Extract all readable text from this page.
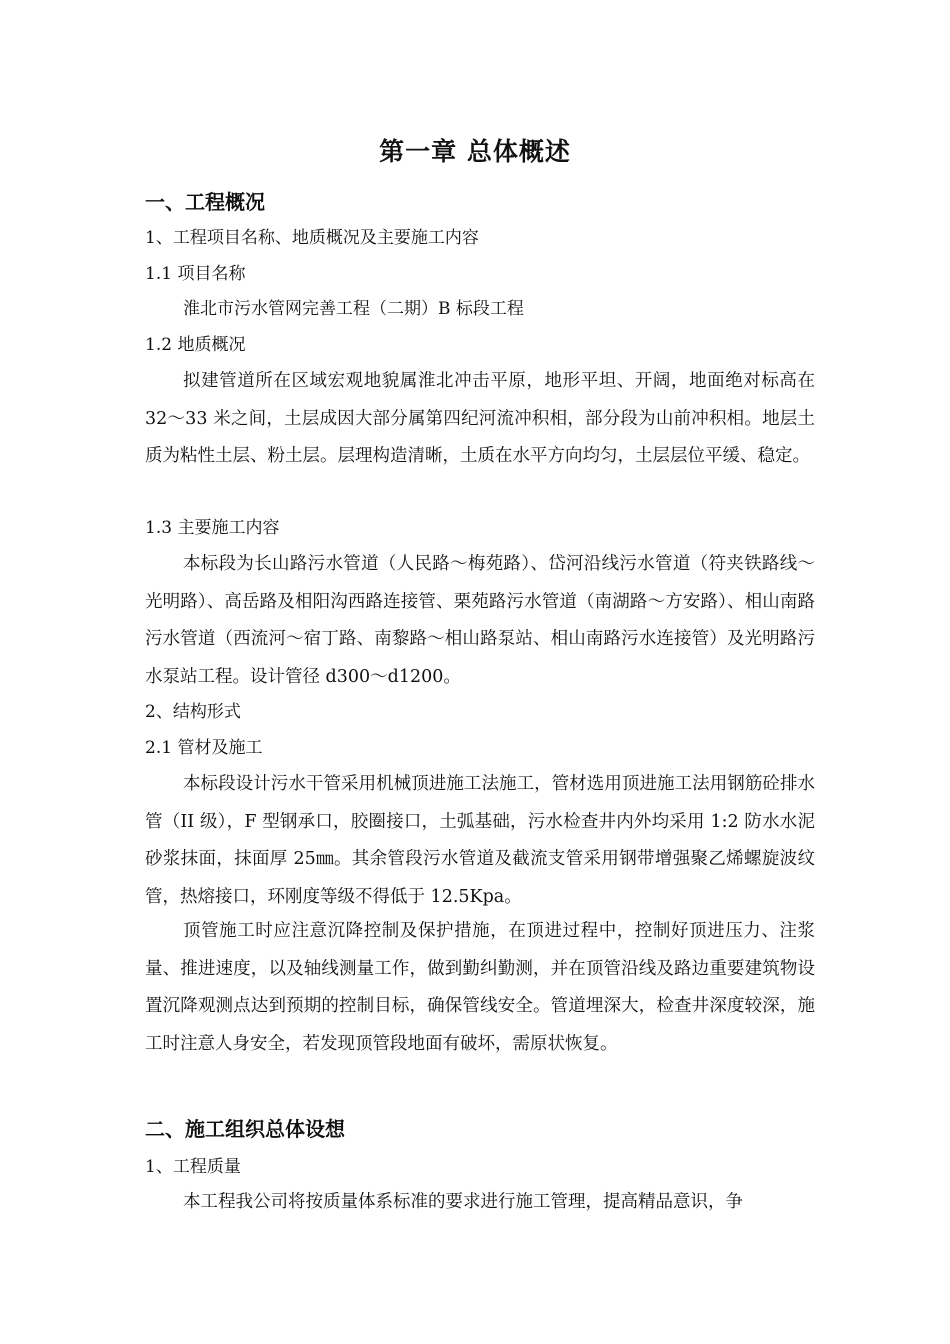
第一章 总体概述
一、工程概况
1、工程项目名称、地质概况及主要施工内容
1.1 项目名称
淮北市污水管网完善工程（二期）B 标段工程
1.2 地质概况
拟建管道所在区域宏观地貌属淮北冲击平原，地形平坦、开阔，地面绝对标高在 32～33 米之间，土层成因大部分属第四纪河流冲积相，部分段为山前冲积相。地层土质为粘性土层、粉土层。层理构造清晰，土质在水平方向均匀，土层层位平缓、稳定。
1.3 主要施工内容
本标段为长山路污水管道（人民路～梅苑路）、岱河沿线污水管道（符夹铁路线～光明路）、高岳路及相阳沟西路连接管、栗苑路污水管道（南湖路～方安路）、相山南路污水管道（西流河～宿丁路、南黎路～相山路泵站、相山南路污水连接管）及光明路污水泵站工程。设计管径 d300～d1200。
2、结构形式
2.1 管材及施工
本标段设计污水干管采用机械顶进施工法施工，管材选用顶进施工法用钢筋砼排水管（II 级），F 型钢承口，胶圈接口，土弧基础，污水检查井内外均采用 1:2 防水水泥砂浆抹面，抹面厚 25㎜。其余管段污水管道及截流支管采用钢带增强聚乙烯螺旋波纹管，热熔接口，环刚度等级不得低于 12.5Kpa。
顶管施工时应注意沉降控制及保护措施，在顶进过程中，控制好顶进压力、注浆量、推进速度，以及轴线测量工作，做到勤纠勤测，并在顶管沿线及路边重要建筑物设置沉降观测点达到预期的控制目标，确保管线安全。管道埋深大，检查井深度较深，施工时注意人身安全，若发现顶管段地面有破坏，需原状恢复。
二、施工组织总体设想
1、工程质量
本工程我公司将按质量体系标准的要求进行施工管理，提高精品意识，争
